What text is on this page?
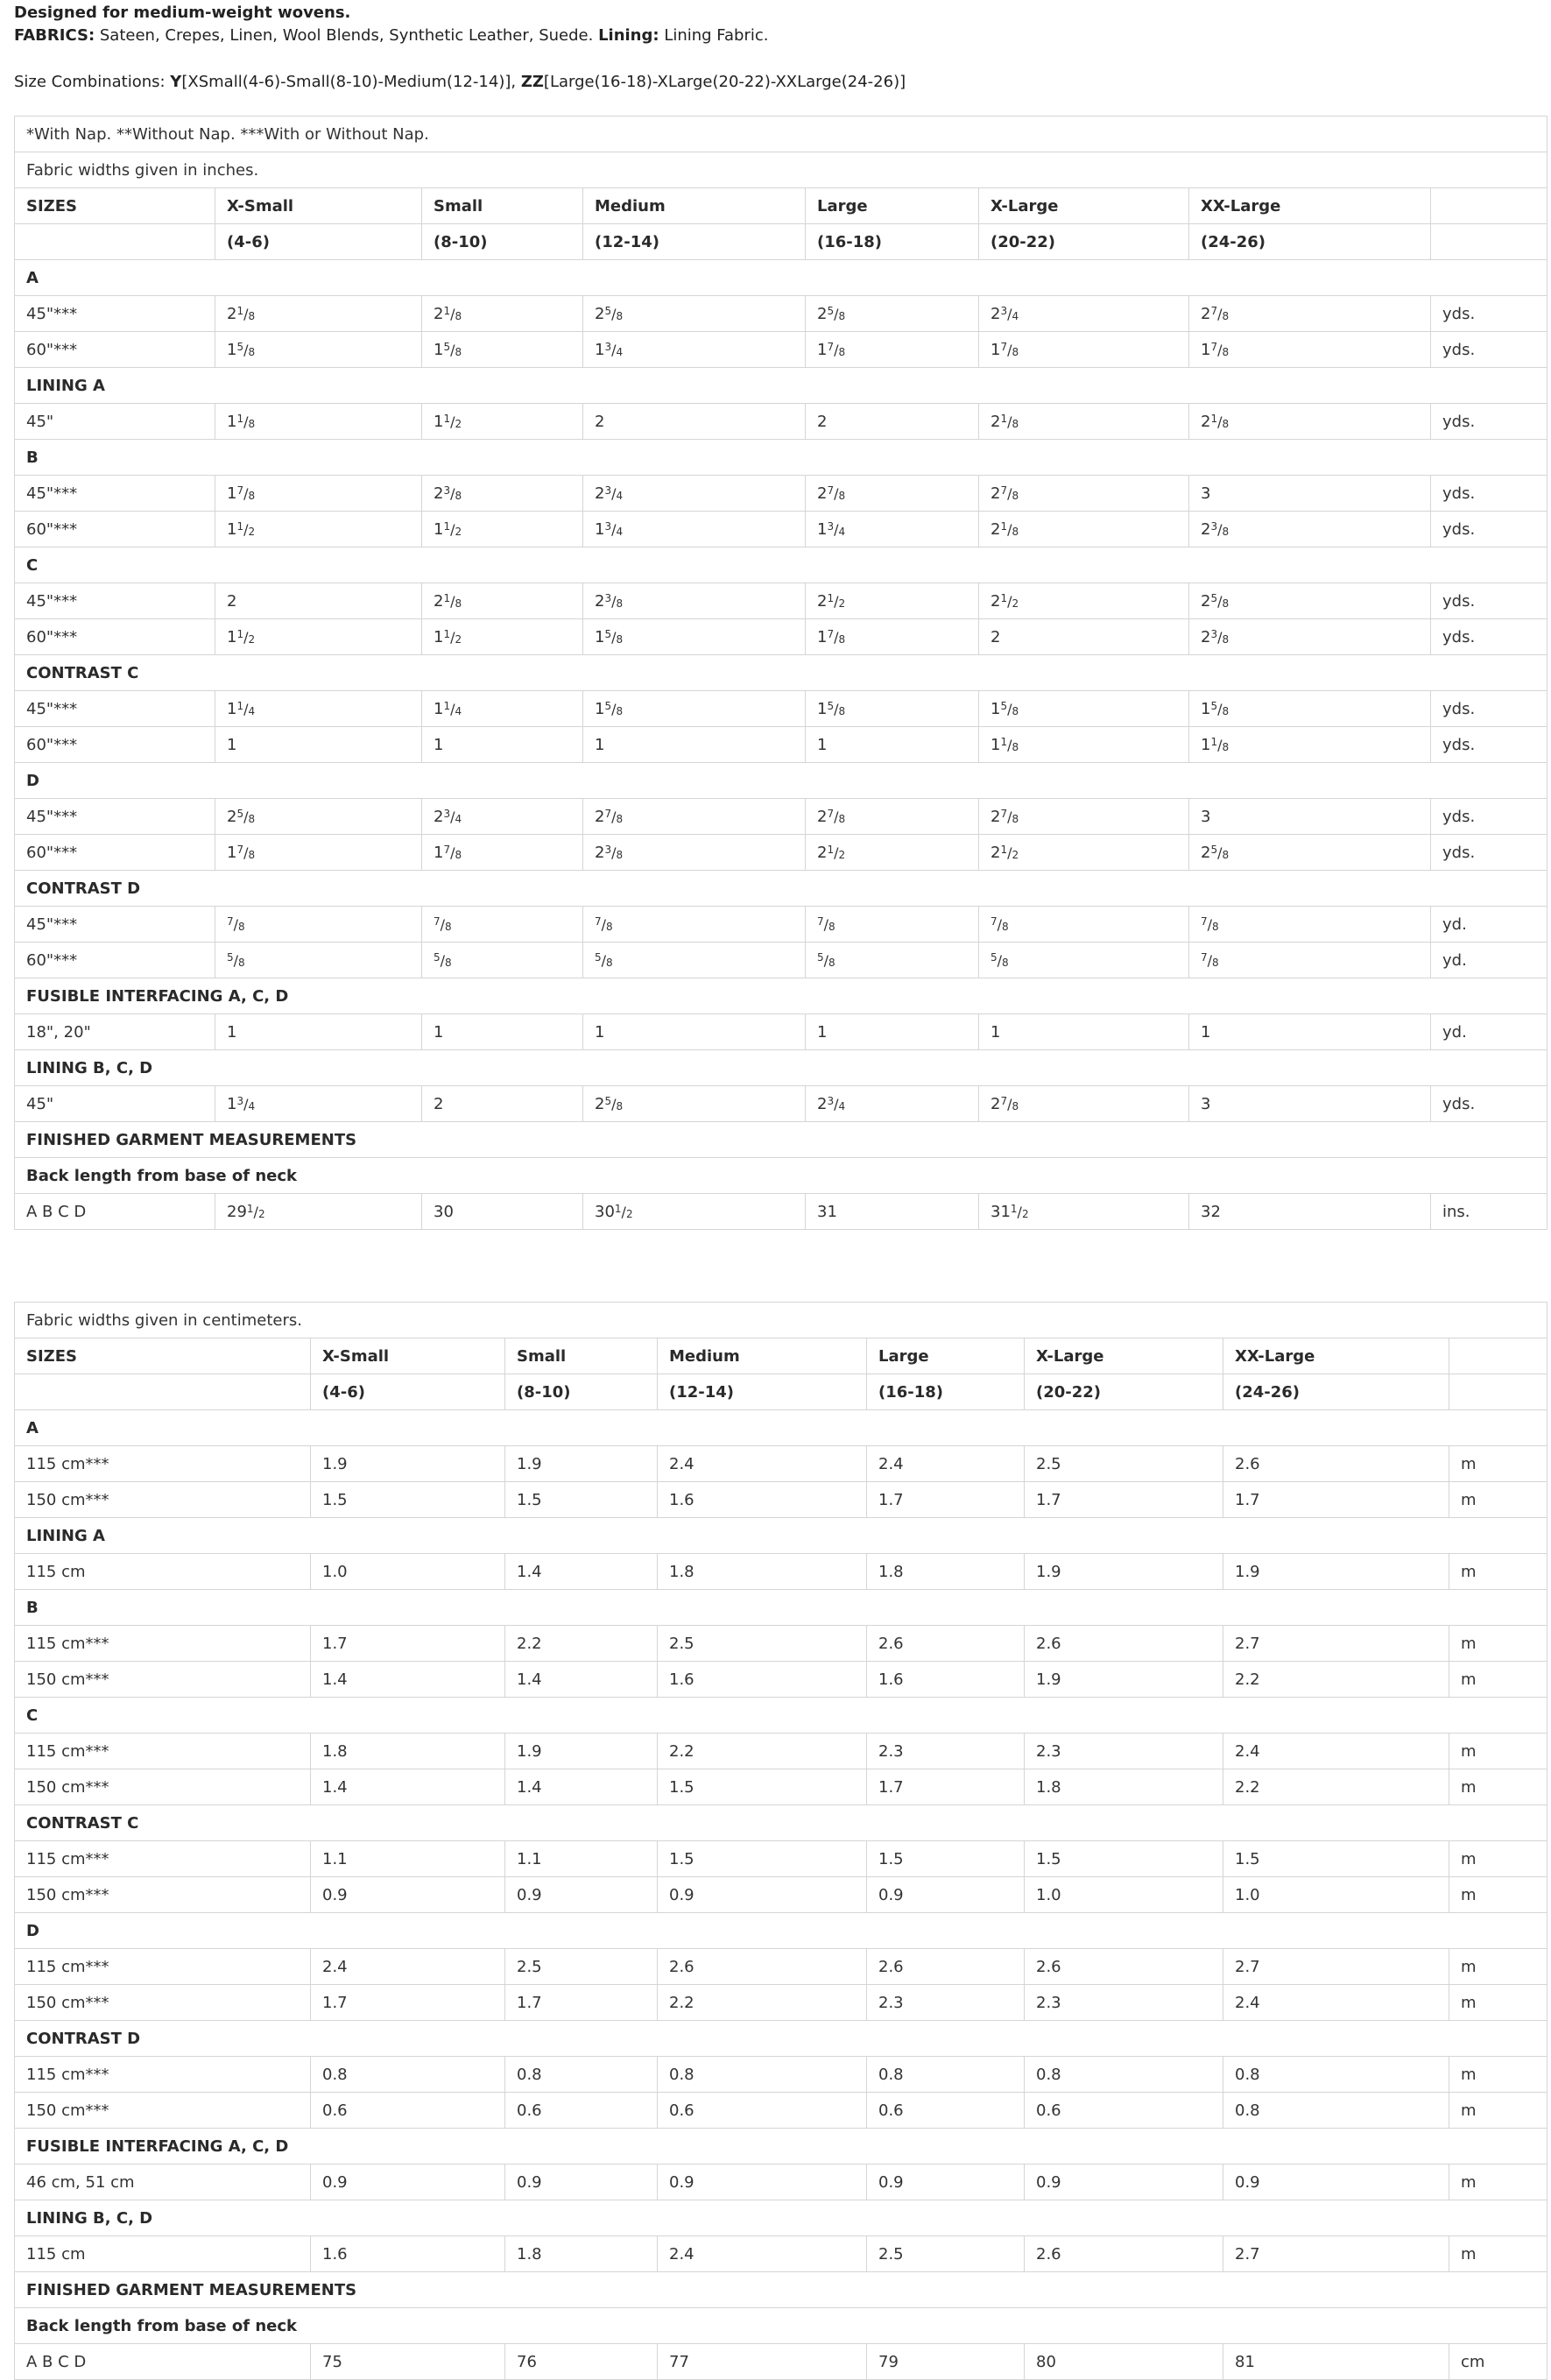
Designed for medium-weight wovens.
FABRICS: Sateen, Crepes, Linen, Wool Blends, Synthetic Leather, Suede. Lining: Lining Fabric.
Size Combinations: Y[XSmall(4-6)-Small(8-10)-Medium(12-14)], ZZ[Large(16-18)-XLarge(20-22)-XXLarge(24-26)]
*With Nap. **Without Nap. ***With or Without Nap.							
Fabric widths given in inches.							
SIZES	X-Small	Small	Medium	Large	X-Large	XX-Large	
	(4-6)	(8-10)	(12-14)	(16-18)	(20-22)	(24-26)	
A							
45"***	$2^1/_8$	$2^1/_8$	$2^5/_8$	$2^5/_8$	$2^3/_4$	$2^7/_8$	yds.
60"***	$1^5/_8$	$1^5/_8$	$1^3/_4$	$1^7/_8$	$1^7/_8$	$1^7/_8$	yds.
LINING A							
45"	$1^1/_8$	$1^1/_2$	2	2	$2^1/_8$	$2^1/_8$	yds.
B							
45"***	$1^7/_8$	$2^3/_8$	$2^3/_4$	$2^7/_8$	$2^7/_8$	3	yds.
60"***	$1^1/_2$	$1^1/_2$	$1^3/_4$	$1^3/_4$	$2^1/_8$	$2^3/_8$	yds.
C							
45"***	2	$2^1/_8$	$2^3/_8$	$2^1/_2$	$2^1/_2$	$2^5/_8$	yds.
60"***	$1^1/_2$	$1^1/_2$	$1^5/_8$	$1^7/_8$	2	$2^3/_8$	yds.
CONTRAST C							
45"***	$1^1/_4$	$1^1/_4$	$1^5/_8$	$1^5/_8$	$1^5/_8$	$1^5/_8$	yds.
60"***	1	1	1	1	$1^1/_8$	$1^1/_8$	yds.
D							
45"***	$2^5/_8$	$2^3/_4$	$2^7/_8$	$2^7/_8$	$2^7/_8$	3	yds.
60"***	$1^7/_8$	$1^7/_8$	$2^3/_8$	$2^1/_2$	$2^1/_2$	$2^5/_8$	yds.
CONTRAST D							
45"***	$^7/_8$	$^7/_8$	$^7/_8$	$^7/_8$	$^7/_8$	$^7/_8$	yd.
60"***	$^5/_8$	$^5/_8$	$^5/_8$	$^5/_8$	$^5/_8$	$^7/_8$	yd.
FUSIBLE INTERFACING A, C, D							
18", 20"	1	1	1	1	1	1	yd.
LINING B, C, D							
45"	$1^3/_4$	2	$2^5/_8$	$2^3/_4$	$2^7/_8$	3	yds.
FINISHED GARMENT MEASUREMENTS							
Back length from base of neck							
A B C D	$29^1/_2$	30	$30^1/_2$	31	$31^1/_2$	32	ins.
Fabric widths given in centimeters.							
SIZES	X-Small	Small	Medium	Large	X-Large	XX-Large	
	(4-6)	(8-10)	(12-14)	(16-18)	(20-22)	(24-26)	
A							
115 cm***	1.9	1.9	2.4	2.4	2.5	2.6	m
150 cm***	1.5	1.5	1.6	1.7	1.7	1.7	m
LINING A							
115 cm	1.0	1.4	1.8	1.8	1.9	1.9	m
B							
115 cm***	1.7	2.2	2.5	2.6	2.6	2.7	m
150 cm***	1.4	1.4	1.6	1.6	1.9	2.2	m
C							
115 cm***	1.8	1.9	2.2	2.3	2.3	2.4	m
150 cm***	1.4	1.4	1.5	1.7	1.8	2.2	m
CONTRAST C							
115 cm***	1.1	1.1	1.5	1.5	1.5	1.5	m
150 cm***	0.9	0.9	0.9	0.9	1.0	1.0	m
D							
115 cm***	2.4	2.5	2.6	2.6	2.6	2.7	m
150 cm***	1.7	1.7	2.2	2.3	2.3	2.4	m
CONTRAST D							
115 cm***	0.8	0.8	0.8	0.8	0.8	0.8	m
150 cm***	0.6	0.6	0.6	0.6	0.6	0.8	m
FUSIBLE INTERFACING A, C, D							
46 cm, 51 cm	0.9	0.9	0.9	0.9	0.9	0.9	m
LINING B, C, D							
115 cm	1.6	1.8	2.4	2.5	2.6	2.7	m
FINISHED GARMENT MEASUREMENTS							
Back length from base of neck							
A B C D	75	76	77	79	80	81	cm
